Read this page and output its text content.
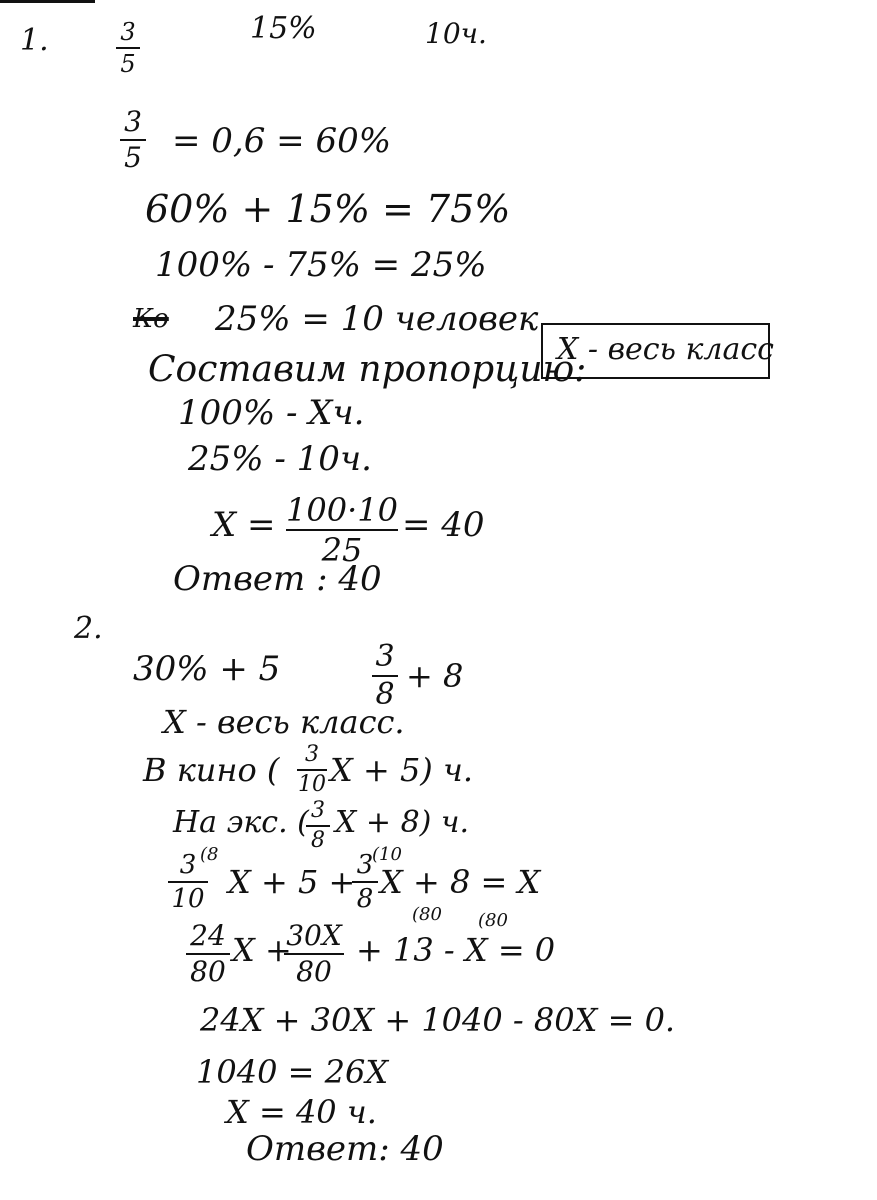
1.	3
5
15%	10ч.
3
5 = 0,6 = 60%
60% + 15% = 75%
100% - 75% = 25%
Ко 25% = 10 человек
Составим пропорцию:
X - весь класс
100% - Xч.
25% - 10ч.
X = 100·10
25
= 40
Ответ : 40
2.
30% + 5	3
8 + 8
X - весь класс.
В кино (	3
10 X + 5) ч.
На экс. ( 3
8
X + 8) ч.
3
10
(8
X + 5 + 3
8
(10
X + 8 = X
24
80
X +
30X
80
(80 (80
+ 13 - X = 0
24X + 30X + 1040 - 80X = 0.
1040 = 26X
X = 40 ч.
Ответ: 40
